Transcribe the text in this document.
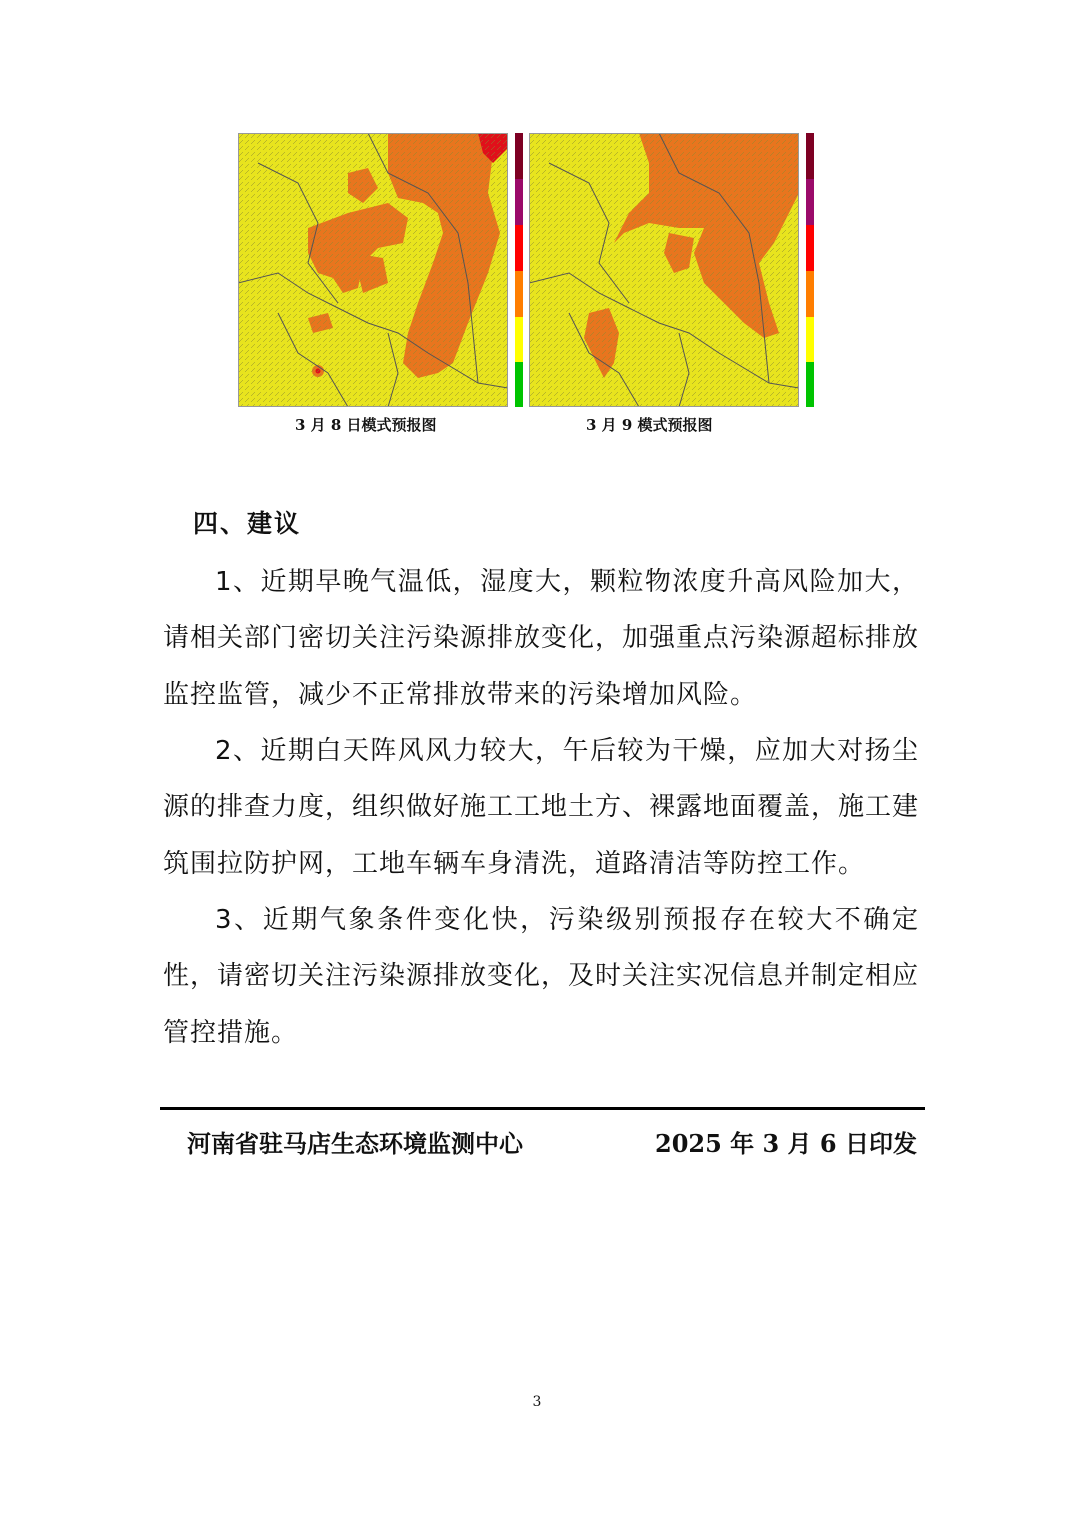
3 月 8 日模式预报图	3 月 9 模式预报图
四、建议
1、近期早晚气温低，湿度大，颗粒物浓度升高风险加大，请相关部门密切关注污染源排放变化，加强重点污染源超标排放监控监管，减少不正常排放带来的污染增加风险。
2、近期白天阵风风力较大，午后较为干燥，应加大对扬尘源的排查力度，组织做好施工工地土方、裸露地面覆盖，施工建筑围拉防护网，工地车辆车身清洗，道路清洁等防控工作。
3、近期气象条件变化快，污染级别预报存在较大不确定性，请密切关注污染源排放变化，及时关注实况信息并制定相应管控措施。
河南省驻马店生态环境监测中心	2025 年 3 月 6 日印发
3
